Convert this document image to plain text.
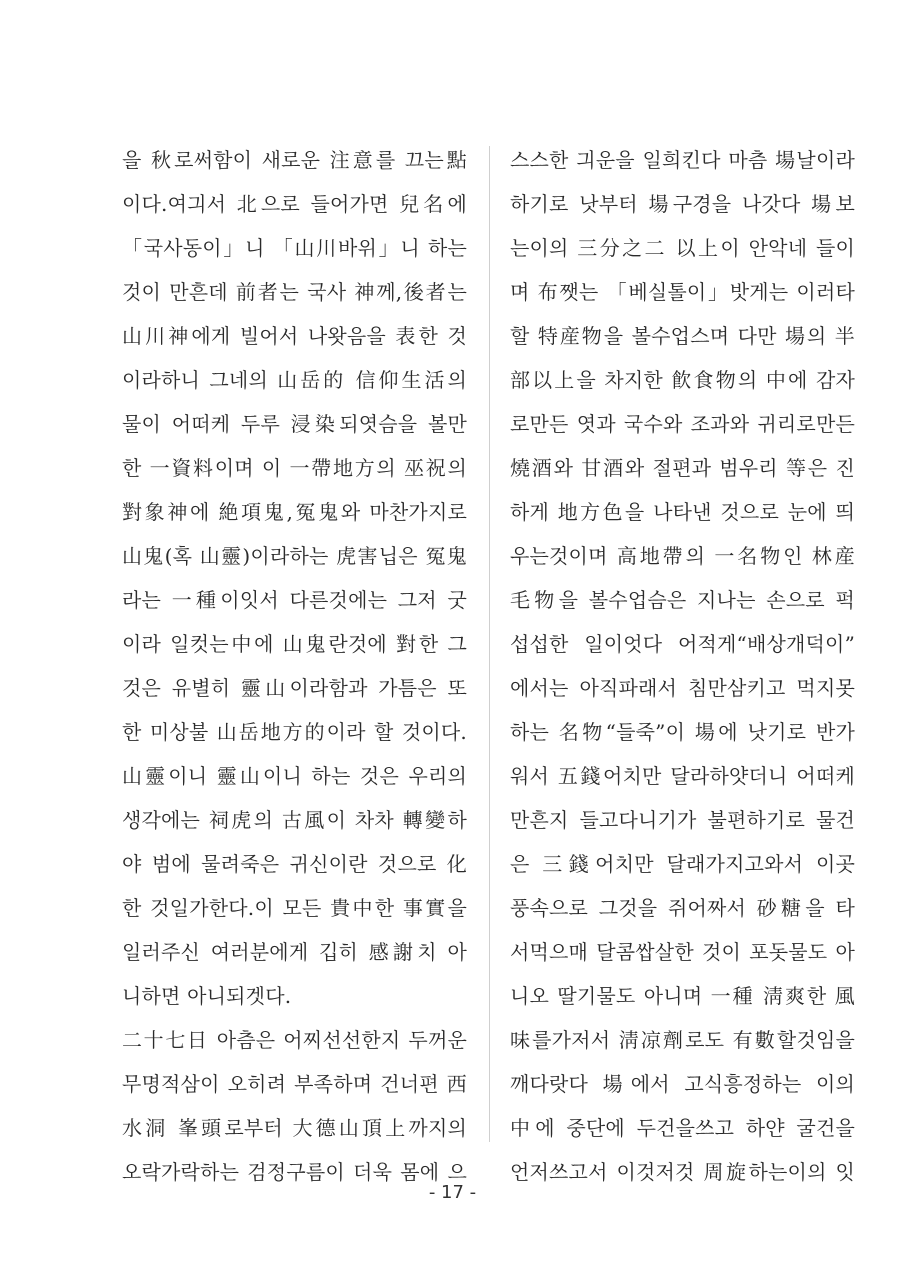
을 秋로써함이 새로운 注意를 끄는點
이다.여긔서 北으로 들어가면 兒名에
「국사동이」니 「山川바위」니 하는
것이 만흔데 前者는 국사 神께,後者는
山川神에게 빌어서 나왓음을 表한 것
이라하니 그네의 山岳的 信仰生活의
물이 어떠케 두루 浸染되엿슴을 볼만
한 一資料이며 이 一帶地方의 巫祝의
對象神에 絶項鬼,冤鬼와 마찬가지로
山鬼(혹 山靈)이라하는 虎害닙은 冤鬼
라는 一種이잇서 다른것에는 그저 굿
이라 일컷는中에 山鬼란것에 對한 그
것은 유별히 靈山이라함과 가틈은 또
한 미상불 山岳地方的이라 할 것이다.
山靈이니 靈山이니 하는 것은 우리의
생각에는 祠虎의 古風이 차차 轉變하
야 범에 물려죽은 귀신이란 것으로 化
한 것일가한다.이 모든 貴中한 事實을
일러주신 여러분에게 깁히 感謝치 아
니하면 아니되겟다.
二十七日 아츰은 어찌선선한지 두꺼운
무명적삼이 오히려 부족하며 건너편 西
水洞 峯頭로부터 大德山頂上까지의
오락가락하는 검정구름이 더욱 몸에 으
스스한 긔운을 일희킨다 마츰 場날이라
하기로 낫부터 場구경을 나갓다 場보
는이의 三分之二 以上이 안악네 들이
며 布쨋는 「베실톨이」밧게는 이러타
할 特産物을 볼수업스며 다만 場의 半
部以上을 차지한 飮食物의 中에 감자
로만든 엿과 국수와 조과와 귀리로만든
燒酒와 甘酒와 절편과 범우리 等은 진
하게 地方色을 나타낸 것으로 눈에 띄
우는것이며 高地帶의 一名物인 林産
毛物을 볼수업슴은 지나는 손으로 퍽
섭섭한 일이엇다 어적게“배상개덕이”
에서는 아직파래서 침만삼키고 먹지못
하는 名物“들죽”이 場에 낫기로 반가
워서 五錢어치만 달라하얏더니 어떠케
만흔지 들고다니기가 불편하기로 물건
은 三錢어치만 달래가지고와서 이곳
풍속으로 그것을 쥐어짜서 砂糖을 타
서먹으매 달콤쌉살한 것이 포돗물도 아
니오 딸기물도 아니며 一種 淸爽한 風
味를가저서 淸凉劑로도 有數할것임을
깨다랏다 場에서 고식흥정하는 이의
中에 중단에 두건을쓰고 하얀 굴건을
언저쓰고서 이것저것 周旋하는이의 잇
- 17 -
